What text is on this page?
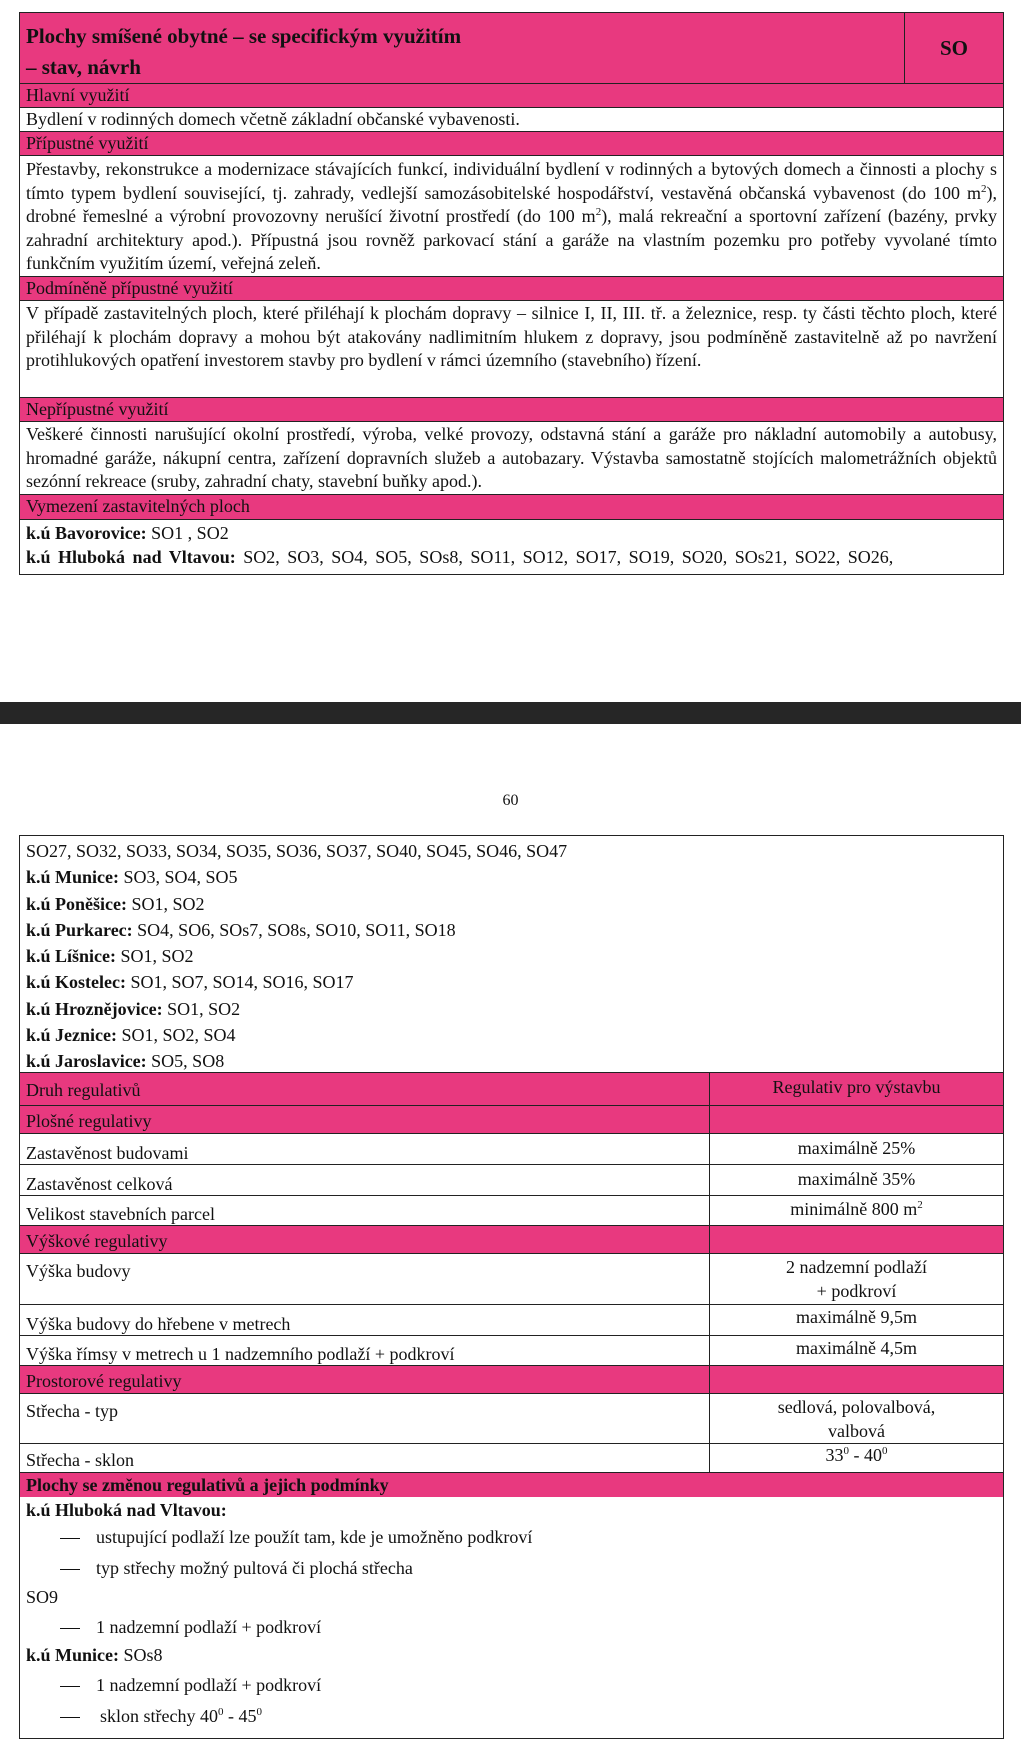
Plochy smíšené obytné – se specifickým využitím
– stav, návrh
SO
Hlavní využití
Bydlení v rodinných domech včetně základní občanské vybavenosti.
Přípustné využití
Přestavby, rekonstrukce a modernizace stávajících funkcí, individuální bydlení v rodinných a bytových domech a činnosti a plochy s tímto typem bydlení související, tj. zahrady, vedlejší samozásobitelské hospodářství, vestavěná občanská vybavenost (do 100 $m^2$), drobné řemeslné a výrobní provozovny nerušící životní prostředí (do 100 $m^2$), malá rekreační a sportovní zařízení (bazény, prvky zahradní architektury apod.). Přípustná jsou rovněž parkovací stání a garáže na vlastním pozemku pro potřeby vyvolané tímto funkčním využitím území, veřejná zeleň.
Podmíněně přípustné využití
V případě zastavitelných ploch, které přiléhají k plochám dopravy – silnice I, II, III. tř. a železnice, resp. ty části těchto ploch, které přiléhají k plochám dopravy a mohou být atakovány nadlimitním hlukem z dopravy, jsou podmíněně zastavitelně až po navržení protihlukových opatření investorem stavby pro bydlení v rámci územního (stavebního) řízení.
Nepřípustné využití
Veškeré činnosti narušující okolní prostředí, výroba, velké provozy, odstavná stání a garáže pro nákladní automobily a autobusy, hromadné garáže, nákupní centra, zařízení dopravních služeb a autobazary. Výstavba samostatně stojících malometrážních objektů sezónní rekreace (sruby, zahradní chaty, stavební buňky apod.).
Vymezení zastavitelných ploch
k.ú Bavorovice: SO1 , SO2
k.ú Hluboká nad Vltavou: SO2, SO3, SO4, SO5, SOs8, SO11, SO12, SO17, SO19, SO20, SOs21, SO22, SO26,
60
SO27, SO32, SO33, SO34, SO35, SO36, SO37, SO40, SO45, SO46, SO47
k.ú Munice: SO3, SO4, SO5
k.ú Poněšice: SO1, SO2
k.ú Purkarec: SO4, SO6, SOs7, SO8s, SO10, SO11, SO18
k.ú Líšnice: SO1, SO2
k.ú Kostelec: SO1, SO7, SO14, SO16, SO17
k.ú Hroznějovice: SO1, SO2
k.ú Jeznice: SO1, SO2, SO4
k.ú Jaroslavice: SO5, SO8
Druh regulativů	Regulativ pro výstavbu
Plošné regulativy
Zastavěnost budovami	maximálně 25%
Zastavěnost celková	maximálně 35%
Velikost stavebních parcel	minimálně 800 $m^2$
Výškové regulativy
Výška budovy	2 nadzemní podlaží
+ podkroví
Výška budovy do hřebene v metrech	maximálně 9,5m
Výška římsy v metrech u 1 nadzemního podlaží + podkroví	maximálně 4,5m
Prostorové regulativy
Střecha - typ	sedlová, polovalbová,
valbová
Střecha - sklon	$33^0 - 40^0$
Plochy se změnou regulativů a jejich podmínky
k.ú Hluboká nad Vltavou:
ustupující podlaží lze použít tam, kde je umožněno podkroví
typ střechy možný pultová či plochá střecha
SO9
1 nadzemní podlaží + podkroví
k.ú Munice: SOs8
1 nadzemní podlaží + podkroví
sklon střechy $40^0 - 45^0$
